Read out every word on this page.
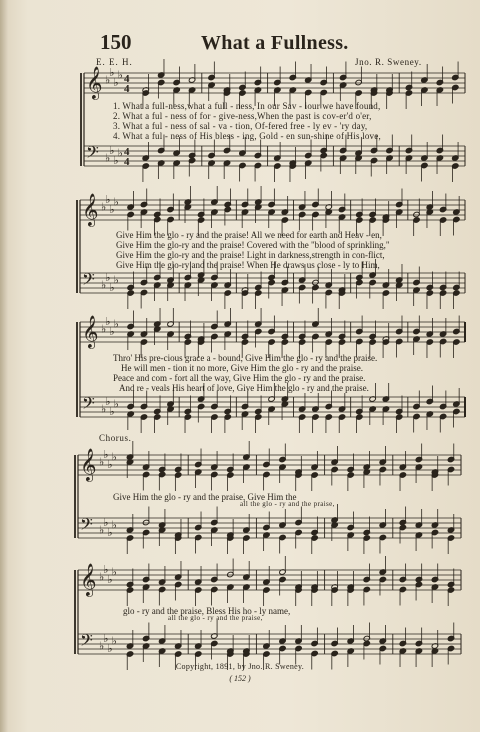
150	What a Fullness.
E. E. H.	Jno. R. Sweney.
𝄞
𝄢
♭
♭
♭
♭
♭
♭
♭
♭
4
4
4
4
𝄞
𝄢
♭
♭
♭
♭
♭
♭
♭
♭
𝄞
𝄢
♭
♭
♭
♭
♭
♭
♭
♭
𝄞
𝄢
♭
♭
♭
♭
♭
♭
♭
♭
𝄞
𝄢
♭
♭
♭
♭
♭
♭
♭
♭
1. What a full-ness,what a full - ness, In our Sav - iour we have found,
2. What a ful - ness of for - give-ness,When the past is cov-er'd o'er,
3. What a ful - ness of sal - va - tion, Of-fered free - ly ev - 'ry day,
4. What a ful - ness of His bless - ing, Gold - en sun-shine of His love,
Give Him the glo - ry and the praise! All we need for earth and Heav - en,
Give Him the glo-ry and the praise! Covered with the "blood of sprinkling,"
Give Him the glo-ry and the praise! Light in darkness,strength in con-flict,
Give Him the glo-ry and the praise! When He draws us close - ly to Him,
Thro' His pre-cious grace a - bound, Give Him the glo - ry and the praise.
He will men - tion it no more, Give Him the glo - ry and the praise.
Peace and com - fort all the way, Give Him the glo - ry and the praise.
And re - veals His heart of love, Give Him the glo - ry and the praise.
Chorus.
Give Him the glo - ry and the praise, Give Him the
all the glo - ry and the praise,
glo - ry and the praise, Bless His ho - ly name,
all the glo - ry and the praise,
Copyright, 1891, by Jno. R. Sweney.
( 152 )
